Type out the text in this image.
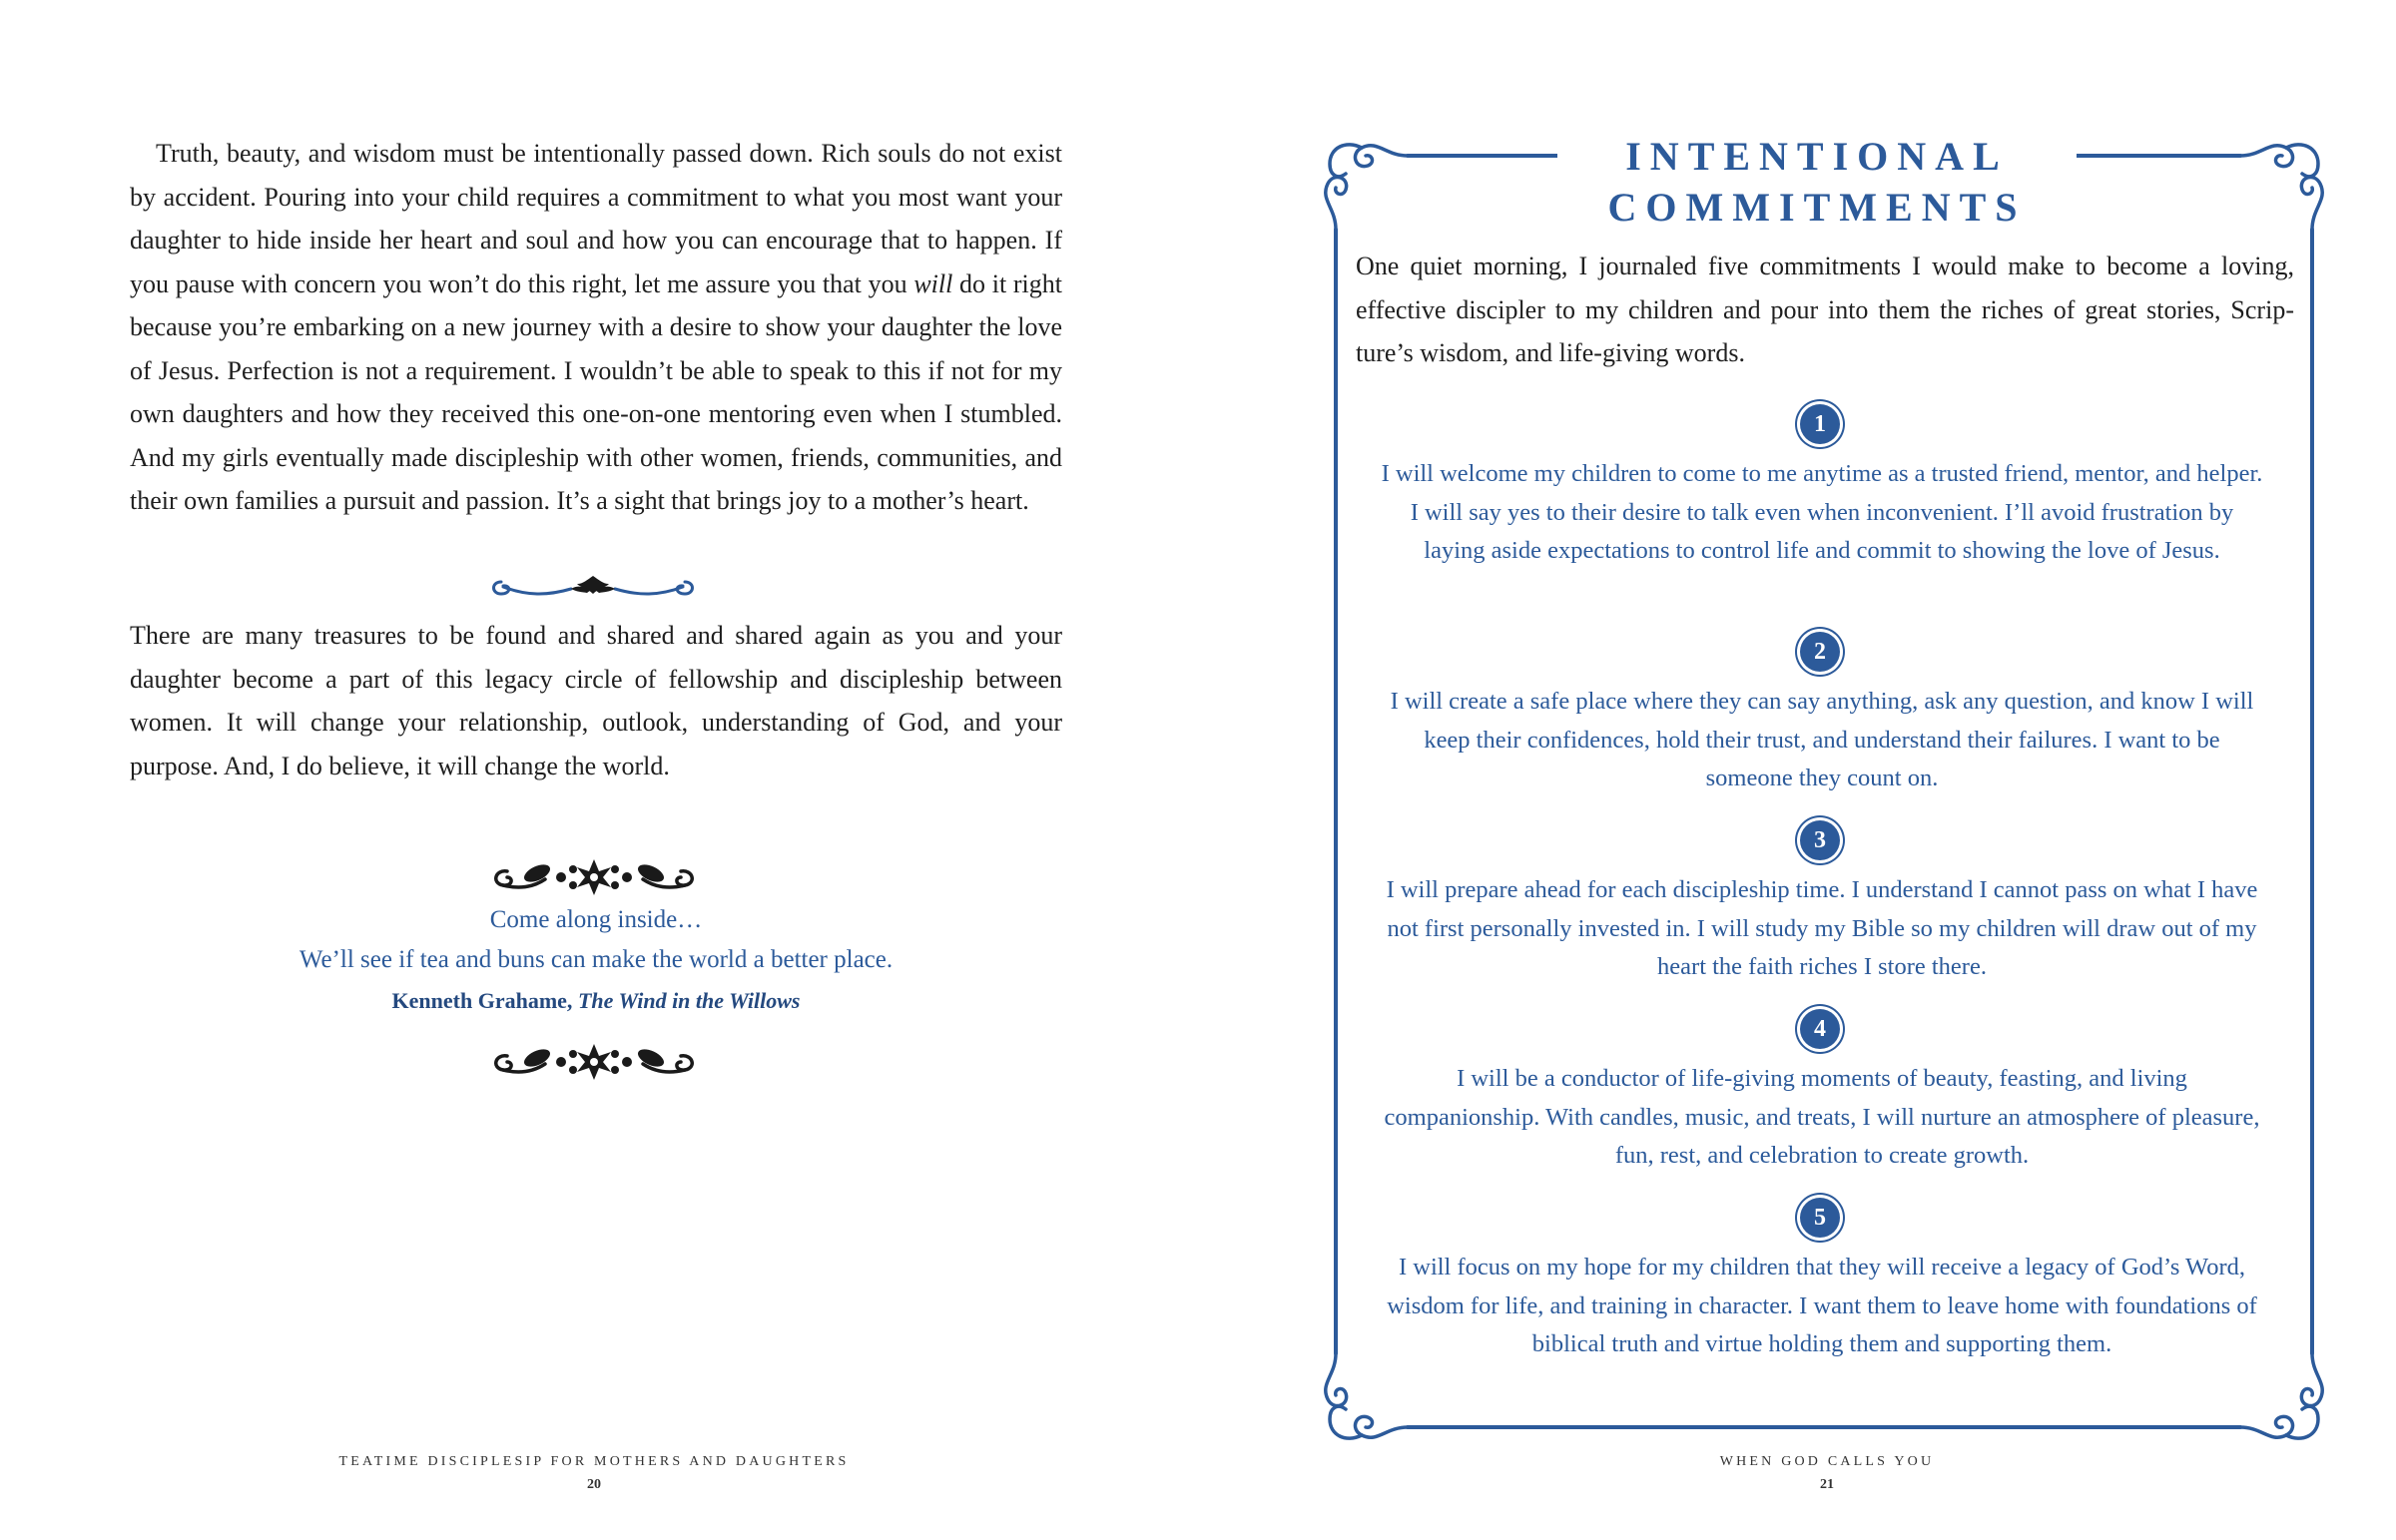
Truth, beauty, and wisdom must be intentionally passed down. Rich souls do not exist by accident. Pouring into your child requires a commitment to what you most want your daughter to hide inside her heart and soul and how you can encourage that to happen. If you pause with concern you won’t do this right, let me assure you that you will do it right because you’re embarking on a new journey with a desire to show your daughter the love of Jesus. Perfection is not a requirement. I wouldn’t be able to speak to this if not for my own daughters and how they received this one-on-one mentoring even when I stumbled. And my girls eventually made discipleship with other women, friends, communities, and their own families a pursuit and passion. It’s a sight that brings joy to a mother’s heart.

There are many treasures to be found and shared and shared again as you and your daughter become a part of this legacy circle of fellowship and discipleship between women. It will change your relationship, outlook, understanding of God, and your purpose. And, I do believe, it will change the world.

Come along inside…
We’ll see if tea and buns can make the world a better place.
Kenneth Grahame, The Wind in the Willows
TEATIME DISCIPLESIP FOR MOTHERS AND DAUGHTERS
20
INTENTIONAL
COMMITMENTS

One quiet morning, I journaled five commitments I would make to become a loving, effective discipler to my children and pour into them the riches of great stories, Scripture’s wisdom, and life-giving words.

1

I will welcome my children to come to me anytime as a trusted friend, mentor, and helper. I will say yes to their desire to talk even when inconvenient. I’ll avoid frustration by laying aside expectations to control life and commit to showing the love of Jesus.

2

I will create a safe place where they can say anything, ask any question, and know I will keep their confidences, hold their trust, and understand their failures. I want to be someone they count on.

3

I will prepare ahead for each discipleship time. I understand I cannot pass on what I have not first personally invested in. I will study my Bible so my children will draw out of my heart the faith riches I store there.

4

I will be a conductor of life-giving moments of beauty, feasting, and living companionship. With candles, music, and treats, I will nurture an atmosphere of pleasure, fun, rest, and celebration to create growth.

5

I will focus on my hope for my children that they will receive a legacy of God’s Word, wisdom for life, and training in character. I want them to leave home with foundations of biblical truth and virtue holding them and supporting them.

WHEN GOD CALLS YOU
21
